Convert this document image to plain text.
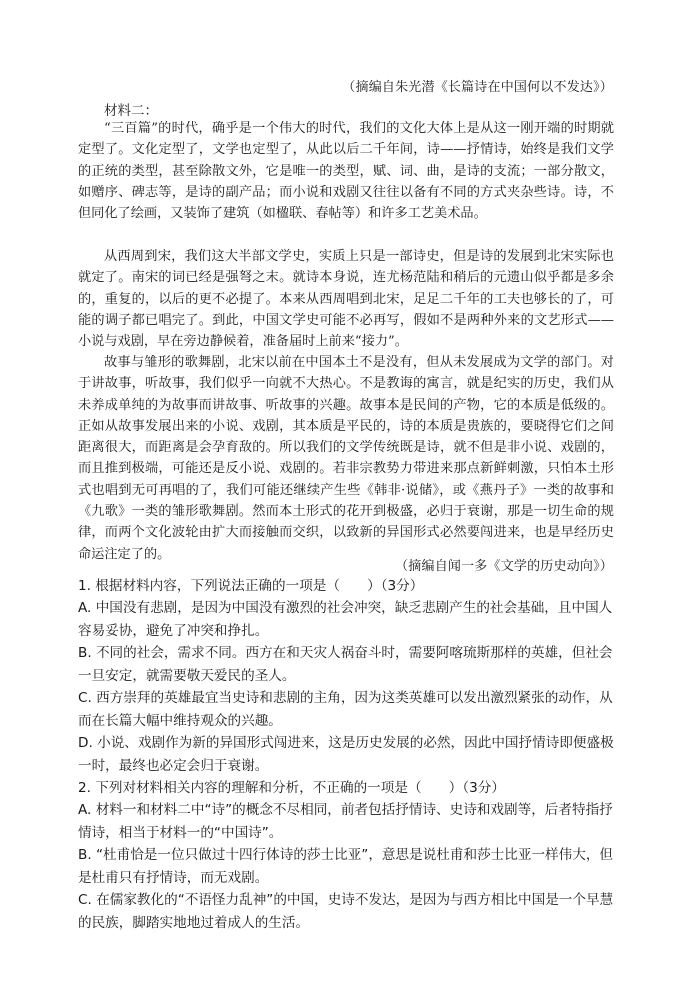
（摘编自朱光潜《长篇诗在中国何以不发达》）
材料二：

“三百篇”的时代，确乎是一个伟大的时代，我们的文化大体上是从这一刚开端的时期就定型了。文化定型了，文学也定型了，从此以后二千年间，诗——抒情诗，始终是我们文学的正统的类型，甚至除散文外，它是唯一的类型，赋、词、曲，是诗的支流；一部分散文，如赠序、碑志等，是诗的副产品；而小说和戏剧又往往以备有不同的方式夹杂些诗。诗，不但同化了绘画，又装饰了建筑（如楹联、春帖等）和许多工艺美术品。

从西周到宋，我们这大半部文学史，实质上只是一部诗史，但是诗的发展到北宋实际也就定了。南宋的词已经是强弩之末。就诗本身说，连尤杨范陆和稍后的元遗山似乎都是多余的，重复的，以后的更不必提了。本来从西周唱到北宋，足足二千年的工夫也够长的了，可能的调子都已唱完了。到此，中国文学史可能不必再写，假如不是两种外来的文艺形式——小说与戏剧，早在旁边静候着，准备届时上前来“接力”。

故事与雏形的歌舞剧，北宋以前在中国本土不是没有，但从未发展成为文学的部门。对于讲故事，听故事，我们似乎一向就不大热心。不是教诲的寓言，就是纪实的历史，我们从未养成单纯的为故事而讲故事、听故事的兴趣。故事本是民间的产物，它的本质是低级的。正如从故事发展出来的小说、戏剧，其本质是平民的，诗的本质是贵族的，要晓得它们之间距离很大，而距离是会孕育敌的。所以我们的文学传统既是诗，就不但是非小说、戏剧的，而且推到极端，可能还是反小说、戏剧的。若非宗教势力带进来那点新鲜刺激，只怕本土形式也唱到无可再唱的了，我们可能还继续产生些《韩非·说储》，或《燕丹子》一类的故事和《九歌》一类的雏形歌舞剧。然而本土形式的花开到极盛，必归于衰谢，那是一切生命的规律，而两个文化波轮由扩大而接触而交织，以致新的异国形式必然要闯进来，也是早经历史命运注定了的。

（摘编自闻一多《文学的历史动向》）
1. 根据材料内容，下列说法正确的一项是（　　）（3分）
A. 中国没有悲剧，是因为中国没有激烈的社会冲突，缺乏悲剧产生的社会基础，且中国人容易妥协，避免了冲突和挣扎。
B. 不同的社会，需求不同。西方在和天灾人祸奋斗时，需要阿喀琉斯那样的英雄，但社会一旦安定，就需要敬天爱民的圣人。
C. 西方崇拜的英雄最宜当史诗和悲剧的主角，因为这类英雄可以发出激烈紧张的动作，从而在长篇大幅中维持观众的兴趣。
D. 小说、戏剧作为新的异国形式闯进来，这是历史发展的必然，因此中国抒情诗即便盛极一时，最终也必定会归于衰谢。
2. 下列对材料相关内容的理解和分析，不正确的一项是（　　）（3分）
A. 材料一和材料二中“诗”的概念不尽相同，前者包括抒情诗、史诗和戏剧等，后者特指抒情诗，相当于材料一的“中国诗”。
B. “杜甫恰是一位只做过十四行体诗的莎士比亚”，意思是说杜甫和莎士比亚一样伟大，但是杜甫只有抒情诗，而无戏剧。
C. 在儒家教化的“不语怪力乱神”的中国，史诗不发达，是因为与西方相比中国是一个早慧的民族，脚踏实地地过着成人的生活。
